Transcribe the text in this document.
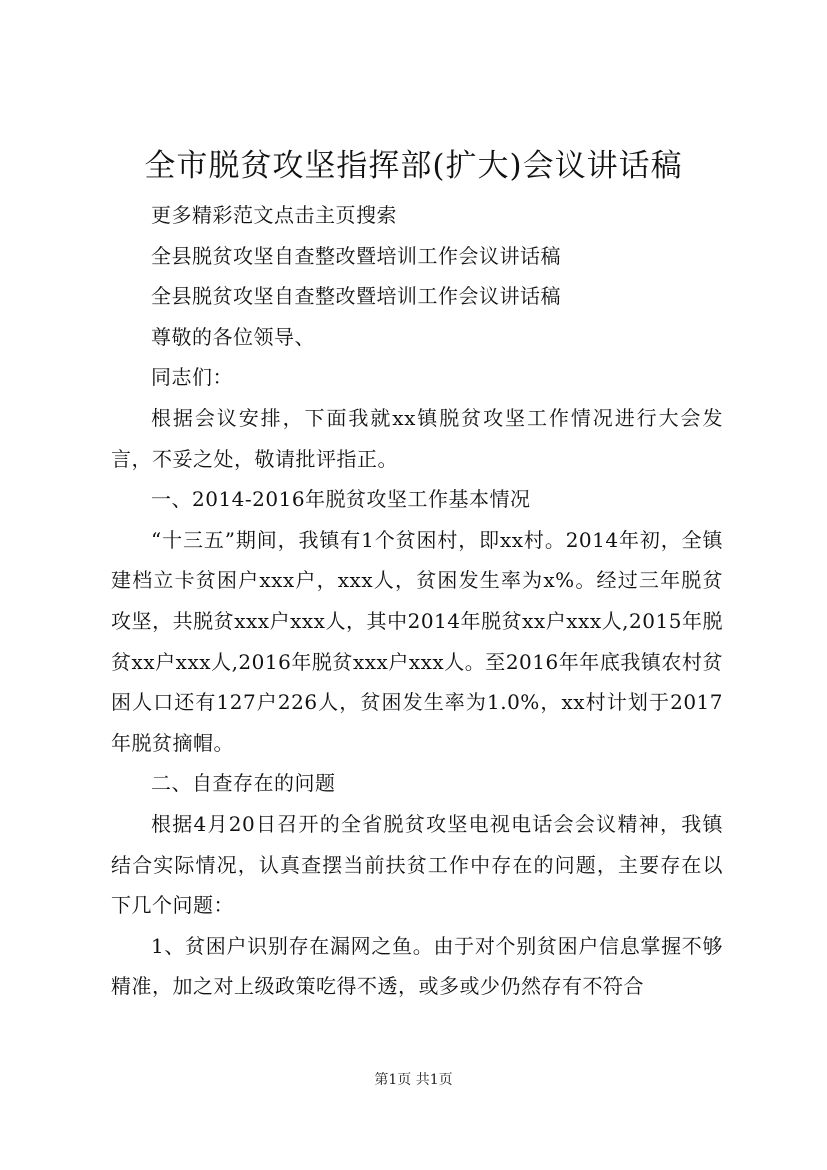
全市脱贫攻坚指挥部(扩大)会议讲话稿

更多精彩范文点击主页搜索

全县脱贫攻坚自查整改暨培训工作会议讲话稿

全县脱贫攻坚自查整改暨培训工作会议讲话稿

尊敬的各位领导、

同志们：

根据会议安排，下面我就xx镇脱贫攻坚工作情况进行大会发言，不妥之处，敬请批评指正。

一、2014-2016年脱贫攻坚工作基本情况

“十三五”期间，我镇有1个贫困村，即xx村。2014年初，全镇建档立卡贫困户xxx户，xxx人，贫困发生率为x%。经过三年脱贫攻坚，共脱贫xxx户xxx人，其中2014年脱贫xx户xxx人,2015年脱贫xx户xxx人,2016年脱贫xxx户xxx人。至2016年年底我镇农村贫困人口还有127户226人，贫困发生率为1.0%，xx村计划于2017年脱贫摘帽。

二、自查存在的问题

根据4月20日召开的全省脱贫攻坚电视电话会会议精神，我镇结合实际情况，认真查摆当前扶贫工作中存在的问题，主要存在以下几个问题：

1、贫困户识别存在漏网之鱼。由于对个别贫困户信息掌握不够精准，加之对上级政策吃得不透，或多或少仍然存有不符合

第1页 共1页
